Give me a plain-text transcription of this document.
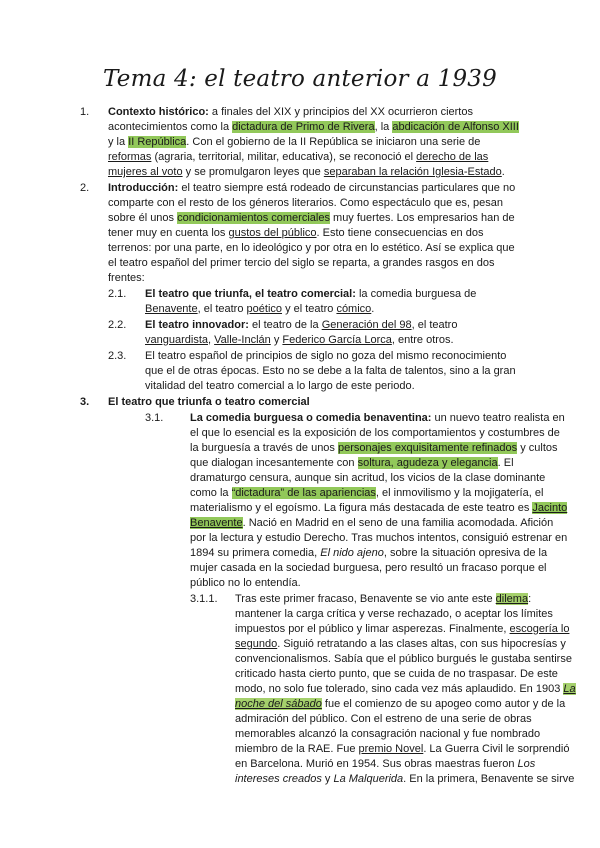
Tema 4: el teatro anterior a 1939
1. Contexto histórico: a finales del XIX y principios del XX ocurrieron ciertos
acontecimientos como la dictadura de Primo de Rivera, la abdicación de Alfonso XIII
y la II República. Con el gobierno de la II República se iniciaron una serie de
reformas (agraria, territorial, militar, educativa), se reconoció el derecho de las
mujeres al voto y se promulgaron leyes que separaban la relación Iglesia-Estado.
2. Introducción: el teatro siempre está rodeado de circunstancias particulares que no
comparte con el resto de los géneros literarios. Como espectáculo que es, pesan
sobre él unos condicionamientos comerciales muy fuertes. Los empresarios han de
tener muy en cuenta los gustos del público. Esto tiene consecuencias en dos
terrenos: por una parte, en lo ideológico y por otra en lo estético. Así se explica que
el teatro español del primer tercio del siglo se reparta, a grandes rasgos en dos
frentes:
2.1. El teatro que triunfa, el teatro comercial: la comedia burguesa de
Benavente, el teatro poético y el teatro cómico.
2.2. El teatro innovador: el teatro de la Generación del 98, el teatro
vanguardista, Valle-Inclán y Federico García Lorca, entre otros.
2.3. El teatro español de principios de siglo no goza del mismo reconocimiento
que el de otras épocas. Esto no se debe a la falta de talentos, sino a la gran
vitalidad del teatro comercial a lo largo de este periodo.
3. El teatro que triunfa o teatro comercial
3.1. La comedia burguesa o comedia benaventina: un nuevo teatro realista en
el que lo esencial es la exposición de los comportamientos y costumbres de
la burguesía a través de unos personajes exquisitamente refinados y cultos
que dialogan incesantemente con soltura, agudeza y elegancia. El
dramaturgo censura, aunque sin acritud, los vicios de la clase dominante
como la “dictadura” de las apariencias, el inmovilismo y la mojigatería, el
materialismo y el egoísmo. La figura más destacada de este teatro es Jacinto
Benavente. Nació en Madrid en el seno de una familia acomodada. Afición
por la lectura y estudio Derecho. Tras muchos intentos, consiguió estrenar en
1894 su primera comedia, El nido ajeno, sobre la situación opresiva de la
mujer casada en la sociedad burguesa, pero resultó un fracaso porque el
público no lo entendía.
3.1.1. Tras este primer fracaso, Benavente se vio ante este dilema:
mantener la carga crítica y verse rechazado, o aceptar los límites
impuestos por el público y limar asperezas. Finalmente, escogería lo
segundo. Siguió retratando a las clases altas, con sus hipocresías y
convencionalismos. Sabía que el público burgués le gustaba sentirse
criticado hasta cierto punto, que se cuida de no traspasar. De este
modo, no solo fue tolerado, sino cada vez más aplaudido. En 1903 La
noche del sábado fue el comienzo de su apogeo como autor y de la
admiración del público. Con el estreno de una serie de obras
memorables alcanzó la consagración nacional y fue nombrado
miembro de la RAE. Fue premio Novel. La Guerra Civil le sorprendió
en Barcelona. Murió en 1954. Sus obras maestras fueron Los
intereses creados y La Malquerida. En la primera, Benavente se sirve
